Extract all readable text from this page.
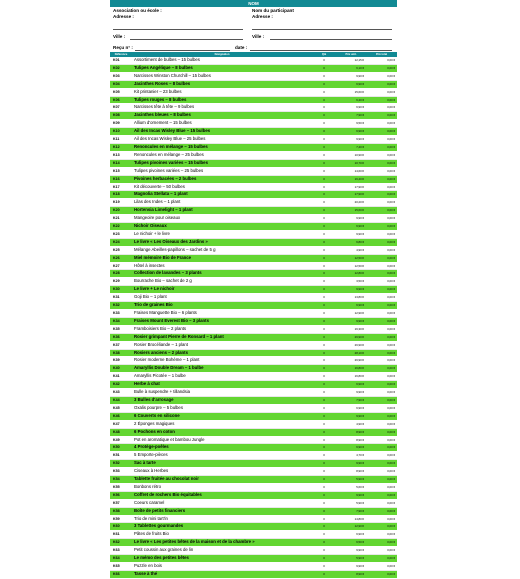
NOM
Association ou école :
Adresse :
Ville :
Nom du participant
Adresse :
Ville :
Reçu n° :	date :
Référence	Désignation	Qté	Prix unit.	Prix total
K01	Assortiment de bulbes – 15 bulbes	0	12,15 €	0,00 €
K02	Tulipes Angélique – 8 bulbes	0	6,10 €	0,00 €
K03	Narcisses Winston Churchill – 15 bulbes	0	9,90 €	0,00 €
K04	Jacinthes Roses – 8 bulbes	0	6,90 €	0,00 €
K05	Kit printanier – 23 bulbes	0	15,60 €	0,00 €
K06	Tulipes rouges – 8 bulbes	0	6,40 €	0,00 €
K07	Narcisses tête à tête – 9 bulbes	0	6,90 €	0,00 €
K08	Jacinthes bleues – 8 bulbes	0	7,90 €	0,00 €
K09	Allium d'ornement – 15 bulbes	0	9,50 €	0,00 €
K10	Ail des Incas Wisley Blue – 15 bulbes	0	6,90 €	0,00 €
K11	Ail des Incas Wisley Blue – 25 bulbes	0	9,90 €	0,00 €
K12	Renoncules en mélange – 15 bulbes	0	7,40 €	0,00 €
K13	Renoncules en mélange – 25 bulbes	0	10,90 €	0,00 €
K14	Tulipes pivoines variées – 15 bulbes	0	10,70 €	0,00 €
K15	Tulipes pivoines variées – 25 bulbes	0	14,60 €	0,00 €
K16	Pivoines herbacées – 2 bulbes	0	16,40 €	0,00 €
K17	Kit découverte – 50 bulbes	0	17,90 €	0,00 €
K18	Magnolia Stellata – 1 plant	0	17,90 €	0,00 €
K19	Lilas des Indes – 1 plant	0	20,20 €	0,00 €
K20	Hortensia Limelight – 1 plant	0	15,60 €	0,00 €
K21	Mangeoire pour oiseaux	0	9,90 €	0,00 €
K22	Nichoir Oiseaux	0	6,90 €	0,00 €
K23	Le nichoir + le livre	0	9,90 €	0,00 €
K24	Le livre « Les Oiseaux des Jardins »	0	6,80 €	0,00 €
K25	Mélange Abeilles-papillons – sachet de 5 g	0	4,90 €	0,00 €
K26	Miel mémoire Bio de France	0	12,50 €	0,00 €
K27	Hôtel à insectes	0	12,50 €	0,00 €
K28	Collection de lavandes – 3 plants	0	12,80 €	0,00 €
K29	Bourrache Bio – sachet de 2 g	0	3,50 €	0,00 €
K30	Le livre + Le nichoir	0	9,90 €	0,00 €
K31	Goji Bio – 1 plant	0	13,80 €	0,00 €
K32	Trio de graines Bio	0	6,90 €	0,00 €
K33	Fraises Manguette Bio – 6 plants	0	12,90 €	0,00 €
K34	Fraises Mount Everest Bio – 3 plants	0	9,90 €	0,00 €
K35	Framboisiers Bio – 2 plants	0	16,30 €	0,00 €
K36	Rosier grimpant Pierre de Ronsard – 1 plant	0	26,90 €	0,00 €
K37	Rosier Brocéliande – 1 plant	0	26,90 €	0,00 €
K38	Rosiers anciens – 2 plants	0	28,10 €	0,00 €
K39	Rosier moderne Bohème – 1 plant	0	26,90 €	0,00 €
K40	Amaryllis Double Dream – 1 bulbe	0	16,80 €	0,00 €
K41	Amaryllis Picotée – 1 bulbe	0	16,80 €	0,00 €
K42	Herbe à chat	0	6,90 €	0,00 €
K43	Bulle à suspendre + tillandsia	0	9,90 €	0,00 €
K44	3 Bulles d'arrosage	0	7,90 €	0,00 €
K45	Oxalis pourpre – 5 bulbes	0	6,90 €	0,00 €
K46	6 Couverts en silicone	0	9,90 €	0,00 €
K47	2 Éponges magiques	0	4,90 €	0,00 €
K48	6 Pochons en coton	0	8,90 €	0,00 €
K49	Pot en aromatique et bambou Jungle	0	8,90 €	0,00 €
K50	4 Protège-poêles	0	6,90 €	0,00 €
K51	5 Emporte-pièces	0	4,70 €	0,00 €
K52	Sac à tarte	0	9,90 €	0,00 €
K53	Ciseaux à Herbes	0	8,90 €	0,00 €
K54	Tablette fruitée au chocolat noir	0	5,90 €	0,00 €
K55	Bonbons rétro	0	5,60 €	0,00 €
K56	Coffret de rochers Bio équitables	0	9,90 €	0,00 €
K57	Coeurs caramel	0	5,90 €	0,00 €
K58	Boîte de petits financiers	0	7,90 €	0,00 €
K59	Trio de mini tart'in	0	14,80 €	0,00 €
K60	3 Tablettes gourmandes	0	12,90 €	0,00 €
K61	Pâtes de fruits Bio	0	6,90 €	0,00 €
K62	Le livre « Les petites bêtes de la maison et de la chambre »	0	6,50 €	0,00 €
K63	Petit coussin aux graines de lin	0	9,90 €	0,00 €
K64	Le mémo des petites bêtes	0	5,90 €	0,00 €
K65	Puzzle en bois	0	9,90 €	0,00 €
K66	Tasse à thé	0	8,90 €	0,00 €
